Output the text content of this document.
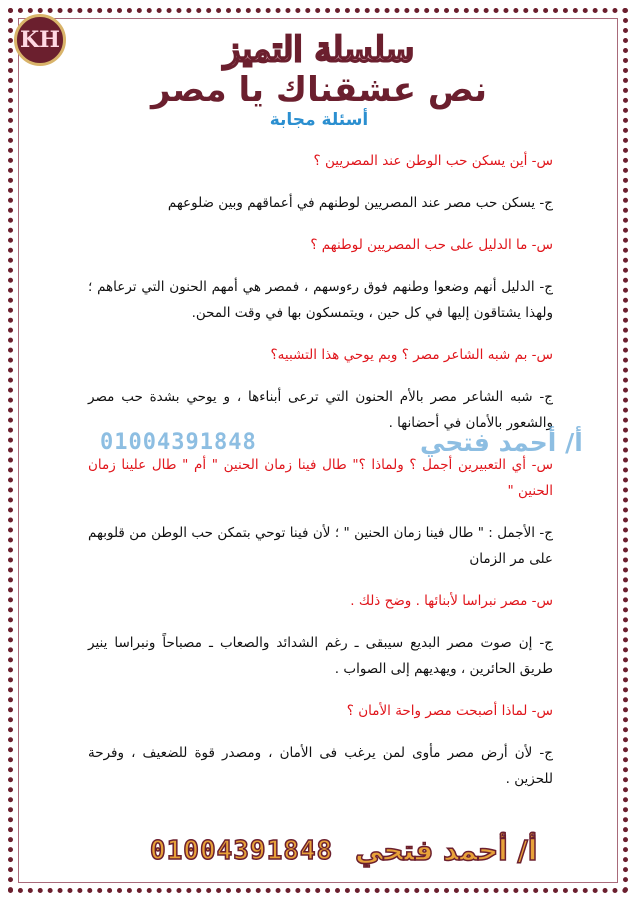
KH	سلسلة التميز
نص عشقناك يا مصر
أسئلة مجابة

س- أين يسكن حب الوطن عند المصريين ؟

ج- يسكن حب مصر عند المصريين لوطنهم في أعماقهم وبين ضلوعهم

س- ما الدليل على حب المصريين لوطنهم ؟

ج- الدليل أنهم وضعوا وطنهم فوق رءوسهم ، فمصر هي أمهم الحنون التي ترعاهم ؛ ولهذا يشتاقون إليها في كل حين ، ويتمسكون بها في وقت المحن.

س- بم شبه الشاعر مصر ؟ وبم يوحي هذا التشبيه؟

ج- شبه الشاعر مصر بالأم الحنون التي ترعى أبناءها ، و يوحي بشدة حب مصر والشعور بالأمان في أحضانها .

س- أي التعبيرين أجمل ؟ ولماذا ؟" طال فينا زمان الحنين " أم " طال علينا زمان الحنين "

ج- الأجمل : " طال فينا زمان الحنين " ؛ لأن فينا توحي بتمكن حب الوطن من قلوبهم على مر الزمان

س- مصر نبراسا لأبنائها . وضح ذلك .

ج- إن صوت مصر البديع سيبقى ـ رغم الشدائد والصعاب ـ مصباحاً ونبراسا ينير طريق الحائرين ، ويهديهم إلى الصواب .

س- لماذا أصبحت مصر واحة الأمان ؟

ج- لأن أرض مصر مأوى لمن يرغب فى الأمان ، ومصدر قوة للضعيف ، وفرحة للحزين .

أ/ أحمد فتحي
01004391848
01004391848 أ/ أحمد فتحي
